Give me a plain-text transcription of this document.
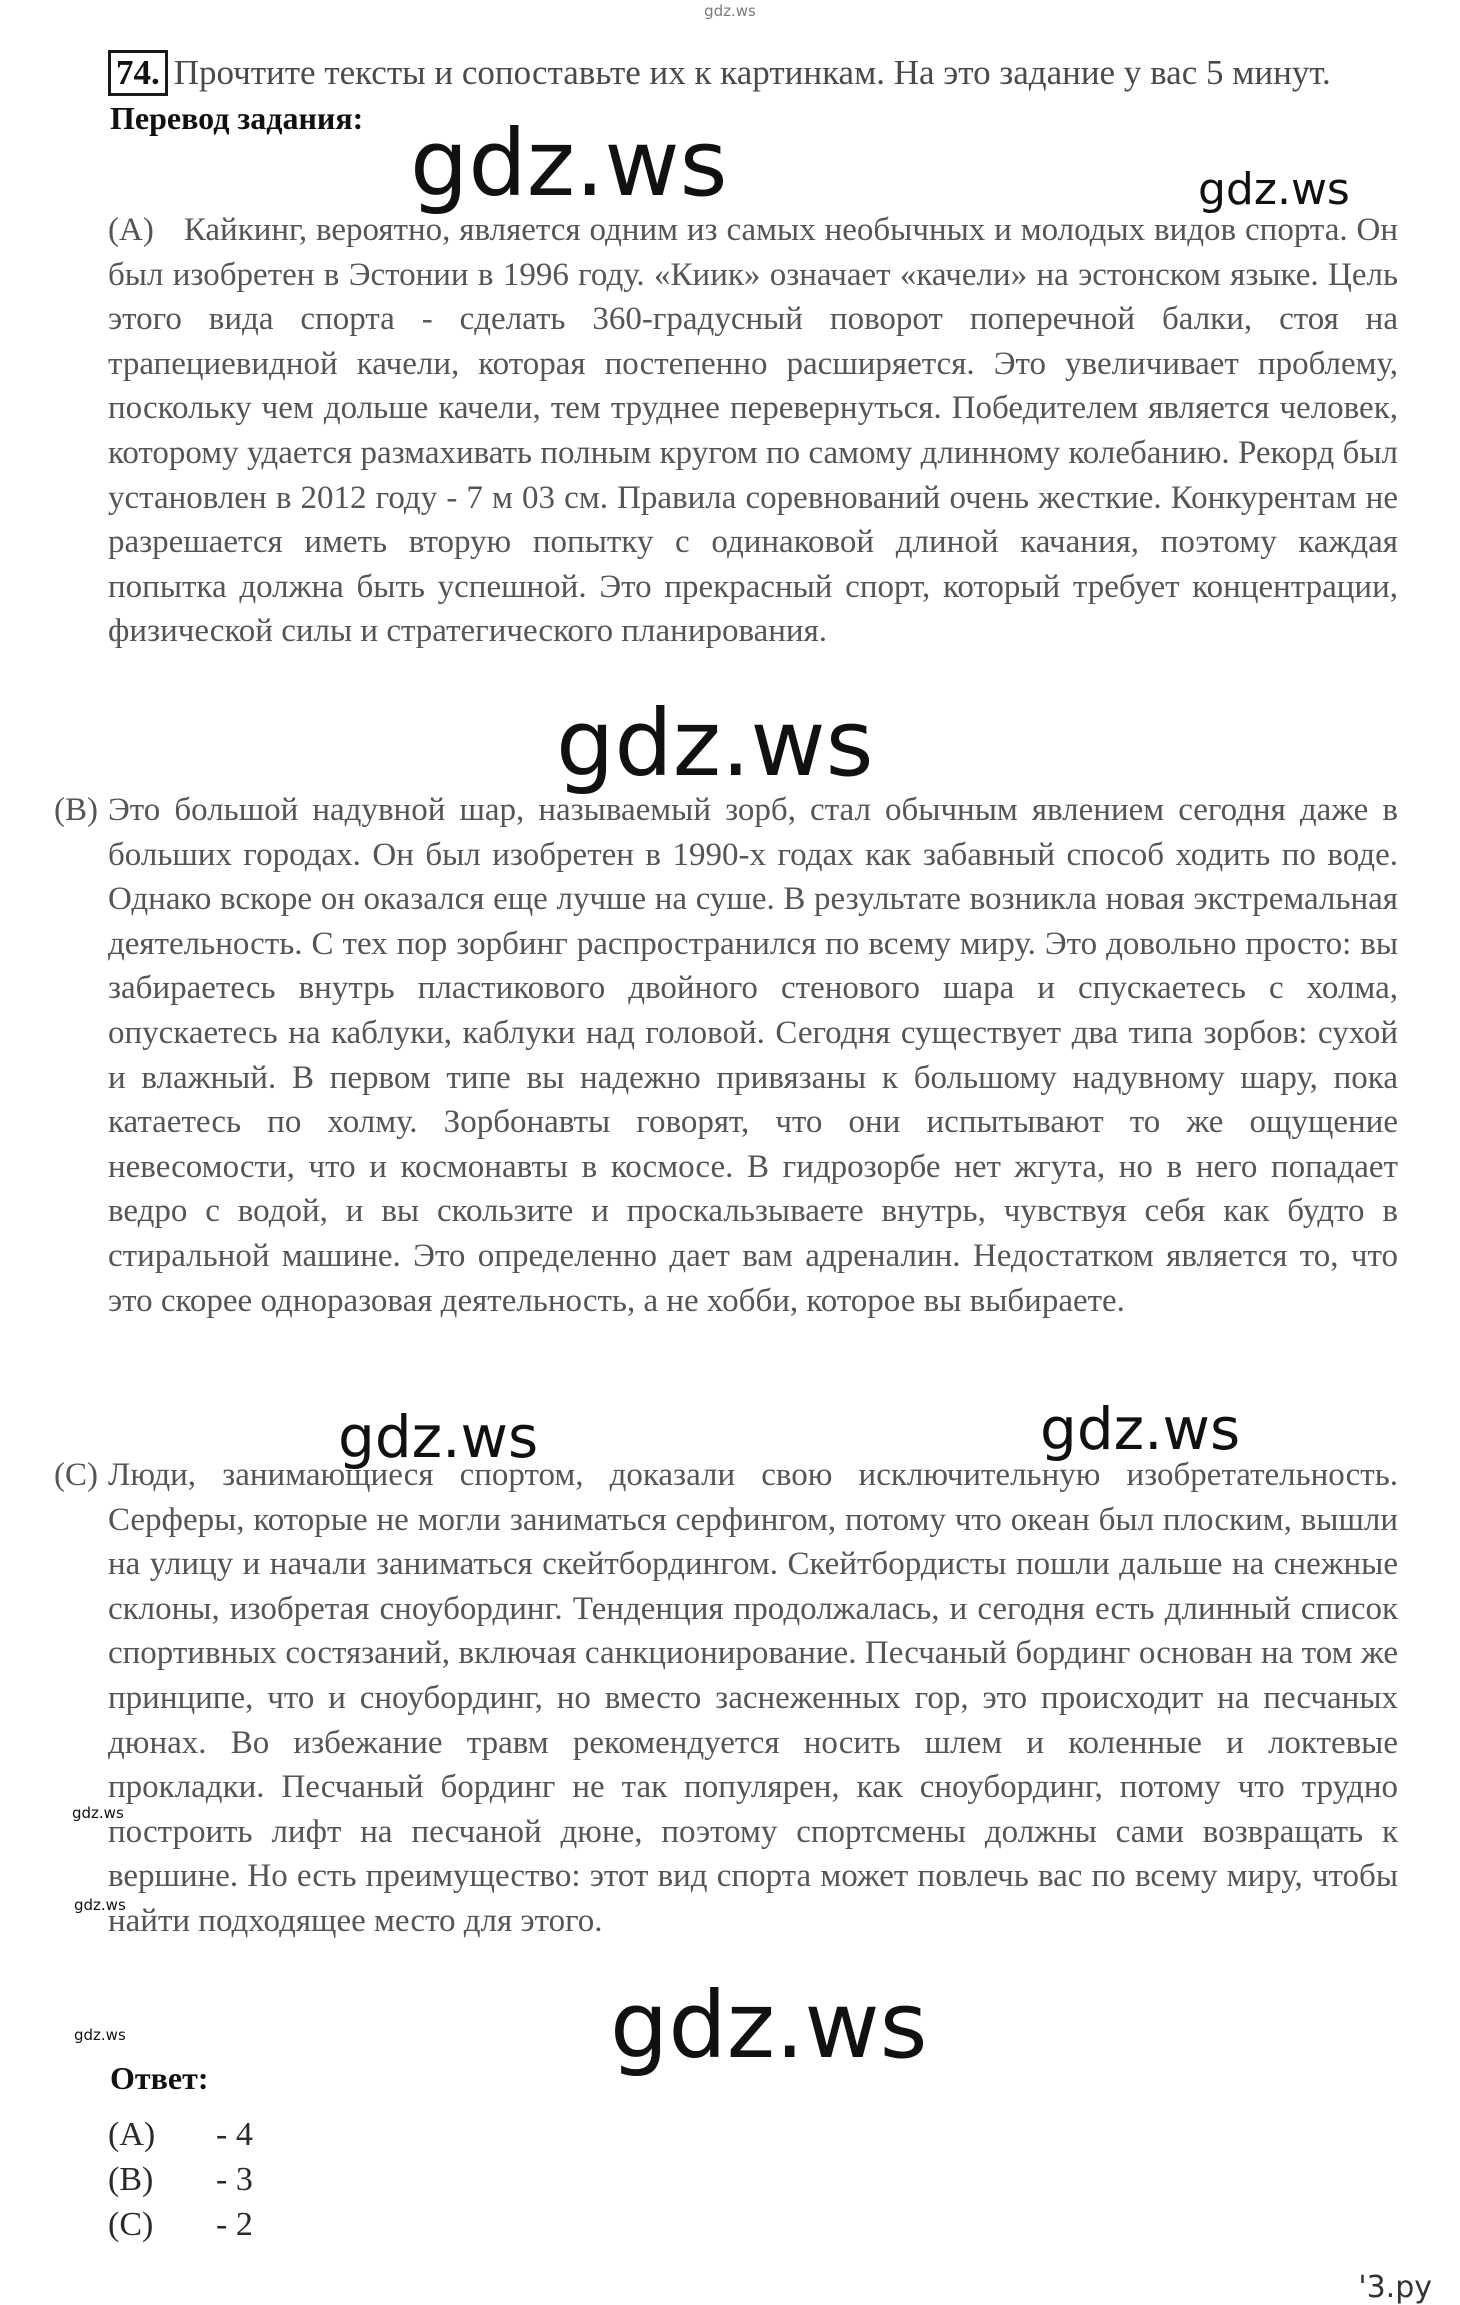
gdz.ws
74. Прочтите тексты и сопоставьте их к картинкам. На это задание у вас 5 минут.
Перевод задания:
(А) Кайкинг, вероятно, является одним из самых необычных и молодых видов спорта. Он был изобретен в Эстонии в 1996 году. «Киик» означает «качели» на эстонском языке. Цель этого вида спорта - сделать 360-градусный поворот поперечной балки, стоя на трапециевидной качели, которая постепенно расширяется. Это увеличивает проблему, поскольку чем дольше качели, тем труднее перевернуться. Победителем является человек, которому удается размахивать полным кругом по самому длинному колебанию. Рекорд был установлен в 2012 году - 7 м 03 см. Правила соревнований очень жесткие. Конкурентам не разрешается иметь вторую попытку с одинаковой длиной качания, поэтому каждая попытка должна быть успешной. Это прекрасный спорт, который требует концентрации, физической силы и стратегического планирования.
(В) Это большой надувной шар, называемый зорб, стал обычным явлением сегодня даже в больших городах. Он был изобретен в 1990-х годах как забавный способ ходить по воде. Однако вскоре он оказался еще лучше на суше. В результате возникла новая экстремальная деятельность. С тех пор зорбинг распространился по всему миру. Это довольно просто: вы забираетесь внутрь пластикового двойного стенового шара и спускаетесь с холма, опускаетесь на каблуки, каблуки над головой. Сегодня существует два типа зорбов: сухой и влажный. В первом типе вы надежно привязаны к большому надувному шару, пока катаетесь по холму. Зорбонавты говорят, что они испытывают то же ощущение невесомости, что и космонавты в космосе. В гидрозорбе нет жгута, но в него попадает ведро с водой, и вы скользите и проскальзываете внутрь, чувствуя себя как будто в стиральной машине. Это определенно дает вам адреналин. Недостатком является то, что это скорее одноразовая деятельность, а не хобби, которое вы выбираете.
(С) Люди, занимающиеся спортом, доказали свою исключительную изобретательность. Серферы, которые не могли заниматься серфингом, потому что океан был плоским, вышли на улицу и начали заниматься скейтбордингом. Скейтбордисты пошли дальше на снежные склоны, изобретая сноубординг. Тенденция продолжалась, и сегодня есть длинный список спортивных состязаний, включая санкционирование. Песчаный бординг основан на том же принципе, что и сноубординг, но вместо заснеженных гор, это происходит на песчаных дюнах. Во избежание травм рекомендуется носить шлем и коленные и локтевые прокладки. Песчаный бординг не так популярен, как сноубординг, потому что трудно построить лифт на песчаной дюне, поэтому спортсмены должны сами возвращать к вершине. Но есть преимущество: этот вид спорта может повлечь вас по всему миру, чтобы найти подходящее место для этого.
Ответ:
(A)	- 4
(B)	- 3
(C)	- 2
gdz.ws	gdz.ws
gdz.ws
gdz.ws	gdz.ws
gdz.ws
gdz.ws
gdz.ws
gdz.ws
'3.ру
